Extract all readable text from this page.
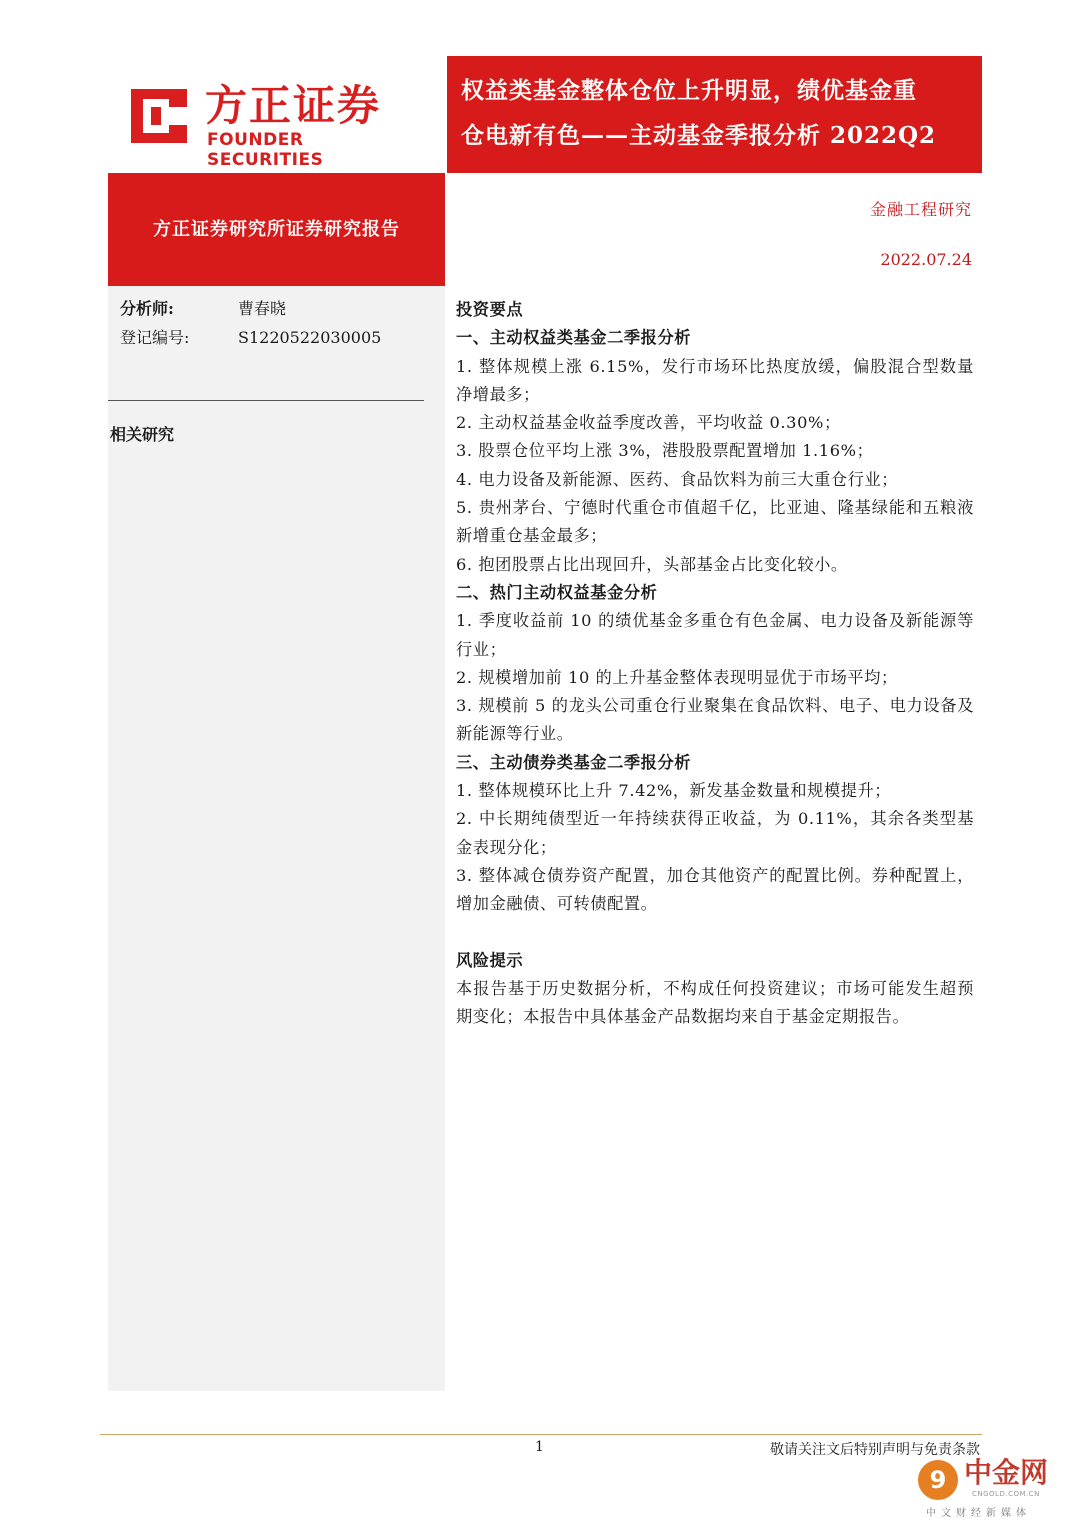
方正证券
FOUNDER SECURITIES
权益类基金整体仓位上升明显，绩优基金重
仓电新有色——主动基金季报分析 2022Q2
方正证券研究所证券研究报告
金融工程研究
2022.07.24
分析师:	曹春晓
登记编号:	S1220522030005
相关研究

投资要点

一、主动权益类基金二季报分析

1. 整体规模上涨 6.15%，发行市场环比热度放缓，偏股混合型数量净增最多；

2. 主动权益基金收益季度改善，平均收益 0.30%；

3. 股票仓位平均上涨 3%，港股股票配置增加 1.16%；

4. 电力设备及新能源、医药、食品饮料为前三大重仓行业；

5. 贵州茅台、宁德时代重仓市值超千亿，比亚迪、隆基绿能和五粮液新增重仓基金最多；

6. 抱团股票占比出现回升，头部基金占比变化较小。

二、热门主动权益基金分析

1. 季度收益前 10 的绩优基金多重仓有色金属、电力设备及新能源等行业；

2. 规模增加前 10 的上升基金整体表现明显优于市场平均；

3. 规模前 5 的龙头公司重仓行业聚集在食品饮料、电子、电力设备及新能源等行业。

三、主动债券类基金二季报分析

1. 整体规模环比上升 7.42%，新发基金数量和规模提升；

2. 中长期纯债型近一年持续获得正收益，为 0.11%，其余各类型基金表现分化；

3. 整体减仓债券资产配置，加仓其他资产的配置比例。券种配置上，增加金融债、可转债配置。

风险提示

本报告基于历史数据分析，不构成任何投资建议；市场可能发生超预期变化；本报告中具体基金产品数据均来自于基金定期报告。

1	敬请关注文后特别声明与免责条款
9 中金网
CNGOLD.COM.CN
中文财经新媒体
